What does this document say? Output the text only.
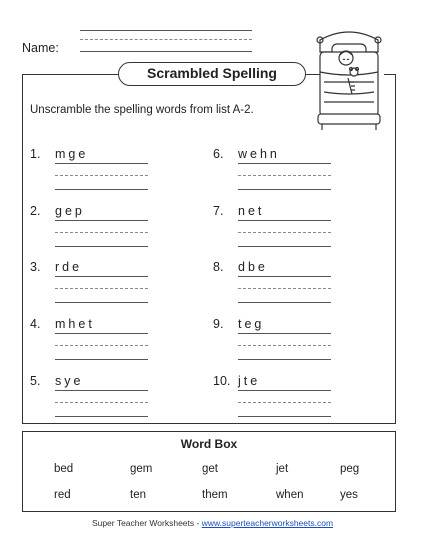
Name:
Scrambled Spelling
Unscramble the spelling words from list A-2.
1. mge
2. gep
3. rde
4. mhet
5. sye
6. wehn
7. net
8. dbe
9. teg
10. jte
Word Box
bed	gem	get	jet	peg
red	ten	them	when	yes
Super Teacher Worksheets - www.superteacherworksheets.com
